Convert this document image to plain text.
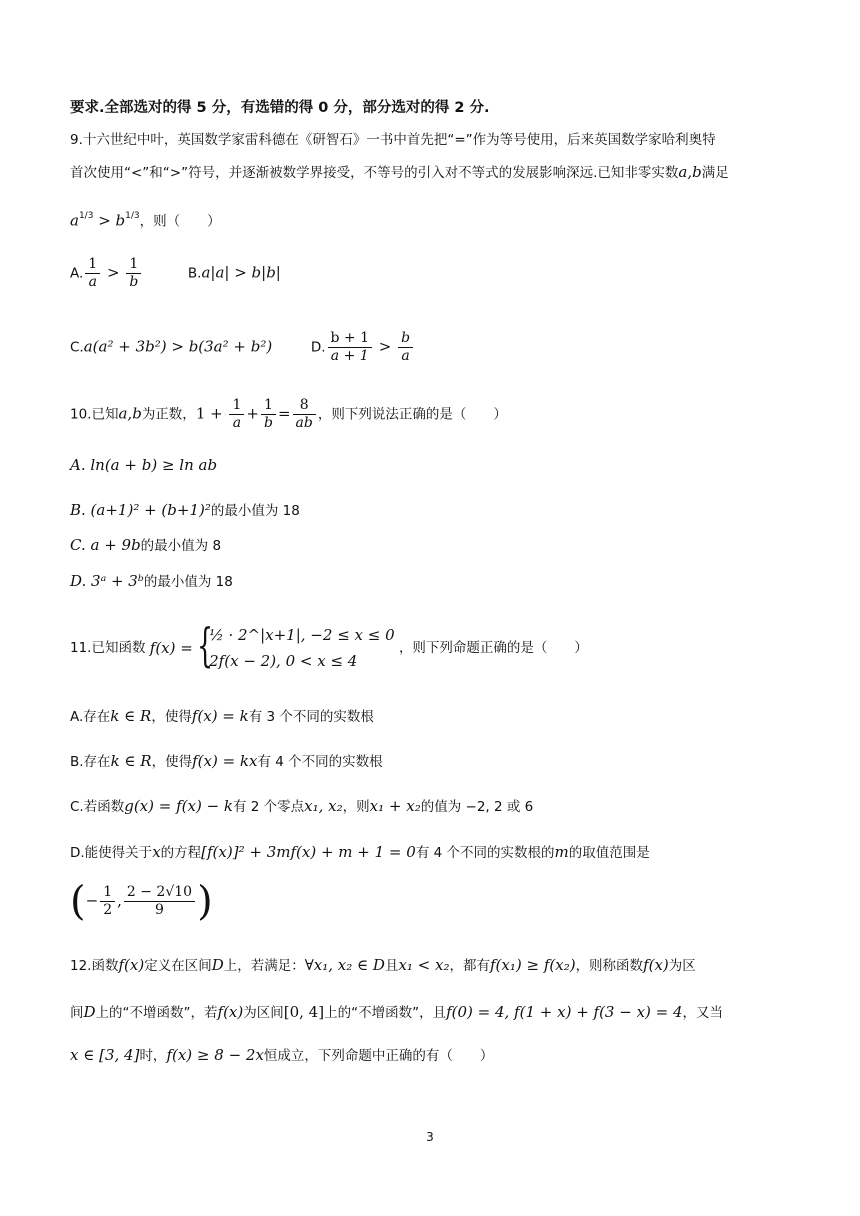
要求.全部选对的得 5 分，有选错的得 0 分，部分选对的得 2 分.
9.十六世纪中叶，英国数学家雷科德在《研智石》一书中首先把“=”作为等号使用，后来英国数学家哈利奥特
首次使用“<”和“>”符号，并逐渐被数学界接受，不等号的引入对不等式的发展影响深远.已知非零实数a,b满足
$a^{1/3} > b^{1/3}$，则（　　）
A. $\frac{1}{a} > \frac{1}{b}$	B.a|a| > b|b|
C.a(a² + 3b²) > b(3a² + b²)	D. $\frac{b + 1}{a + 1} > \frac{b}{a}$
10.已知a,b为正数，$1 + \frac{1}{a} + \frac{1}{b} = \frac{8}{ab}$ ，则下列说法正确的是（　　）
A. ln(a + b) ≥ ln ab
B. (a+1)² + (b+1)²的最小值为 18
C. a + 9b的最小值为 8
D. 3ᵃ + 3ᵇ的最小值为 18
11.已知函数 f(x) = {
½ · 2^|x+1|, −2 ≤ x ≤ 0
2f(x − 2), 0 < x ≤ 4
，则下列命题正确的是（　　）
A.存在k ∈ R，使得f(x) = k有 3 个不同的实数根
B.存在k ∈ R，使得f(x) = kx有 4 个不同的实数根
C.若函数g(x) = f(x) − k有 2 个零点x₁, x₂，则x₁ + x₂的值为 −2, 2 或 6
D.能使得关于x的方程[f(x)]² + 3mf(x) + m + 1 = 0有 4 个不同的实数根的m的取值范围是
(− $\frac{1}{2}$ , $\frac{2 - 2√10}{9}$ )
12.函数f(x)定义在区间D上，若满足：∀x₁, x₂ ∈ D且x₁ < x₂，都有f(x₁) ≥ f(x₂)，则称函数f(x)为区
间D上的“不增函数”，若f(x)为区间[0, 4]上的“不增函数”，且f(0) = 4, f(1 + x) + f(3 − x) = 4，又当
x ∈ [3, 4]时，f(x) ≥ 8 − 2x恒成立，下列命题中正确的有（　　）
3
